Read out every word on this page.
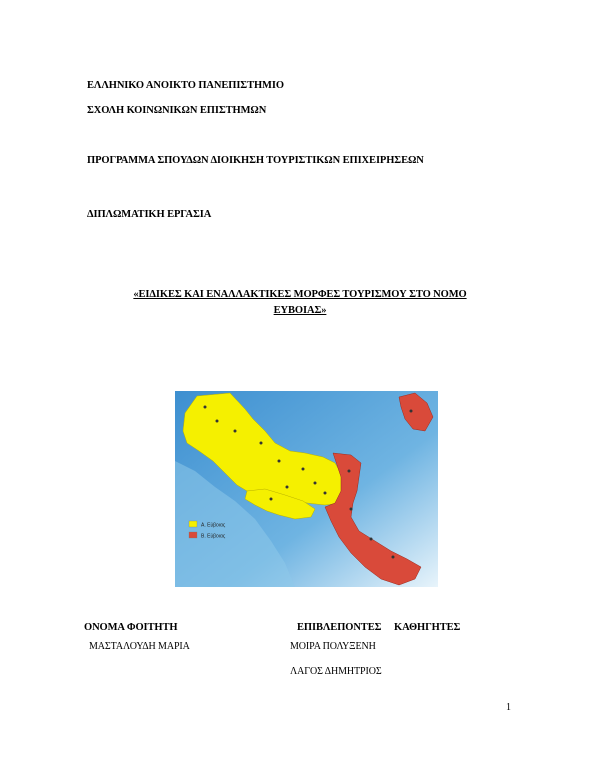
ΕΛΛΗΝΙΚΟ ΑΝΟΙΚΤΟ ΠΑΝΕΠΙΣΤΗΜΙΟ
ΣΧΟΛΗ ΚΟΙΝΩΝΙΚΩΝ ΕΠΙΣΤΗΜΩΝ
ΠΡΟΓΡΑΜΜΑ ΣΠΟΥΔΩΝ ΔΙΟΙΚΗΣΗ ΤΟΥΡΙΣΤΙΚΩΝ ΕΠΙΧΕΙΡΗΣΕΩΝ
ΔΙΠΛΩΜΑΤΙΚΗ ΕΡΓΑΣΙΑ
«ΕΙΔΙΚΕΣ ΚΑΙ ΕΝΑΛΛΑΚΤΙΚΕΣ ΜΟΡΦΕΣ ΤΟΥΡΙΣΜΟΥ ΣΤΟ ΝΟΜΟ
ΕΥΒΟΙΑΣ»
Α. Εύβοιας
Β. Εύβοιας
ΟΝΟΜΑ ΦΟΙΤΗΤΗ
ΜΑΣΤΑΛΟΥΔΗ ΜΑΡΙΑ
ΕΠΙΒΛΕΠΟΝΤΕΣ     ΚΑΘΗΓΗΤΕΣ
ΜΟΙΡΑ ΠΟΛΥΞΕΝΗ
ΛΑΓΟΣ ΔΗΜΗΤΡΙΟΣ
1
